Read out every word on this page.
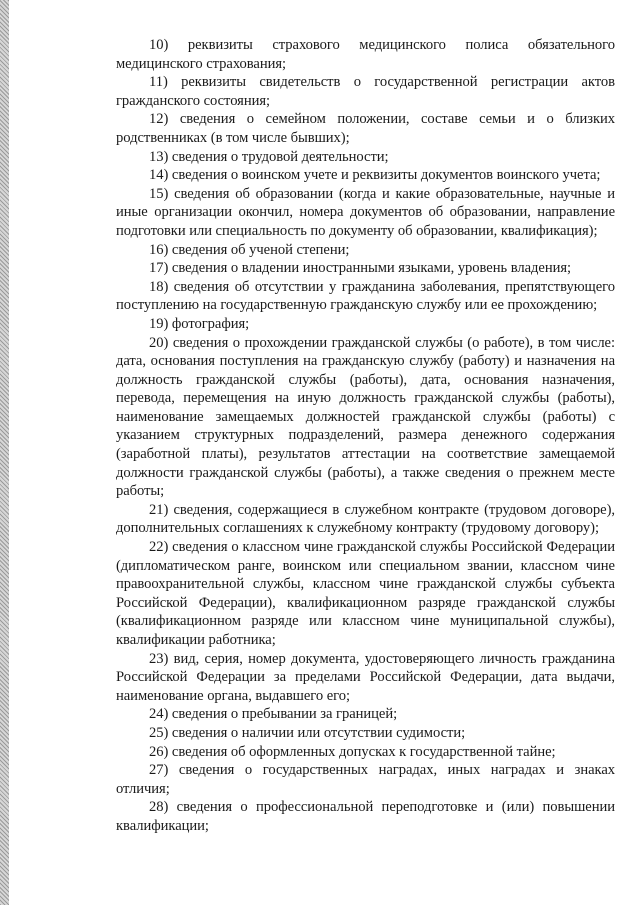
10) реквизиты страхового медицинского полиса обязательного медицинского страхования;

11) реквизиты свидетельств о государственной регистрации актов гражданского состояния;

12) сведения о семейном положении, составе семьи и о близких родственниках (в том числе бывших);

13) сведения о трудовой деятельности;

14) сведения о воинском учете и реквизиты документов воинского учета;

15) сведения об образовании (когда и какие образовательные, научные и иные организации окончил, номера документов об образовании, направление подготовки или специальность по документу об образовании, квалификация);

16) сведения об ученой степени;

17) сведения о владении иностранными языками, уровень владения;

18) сведения об отсутствии у гражданина заболевания, препятствующего поступлению на государственную гражданскую службу или ее прохождению;

19) фотография;

20) сведения о прохождении гражданской службы (о работе), в том числе: дата, основания поступления на гражданскую службу (работу) и назначения на должность гражданской службы (работы), дата, основания назначения, перевода, перемещения на иную должность гражданской службы (работы), наименование замещаемых должностей гражданской службы (работы) с указанием структурных подразделений, размера денежного содержания (заработной платы), результатов аттестации на соответствие замещаемой должности гражданской службы (работы), а также сведения о прежнем месте работы;

21) сведения, содержащиеся в служебном контракте (трудовом договоре), дополнительных соглашениях к служебному контракту (трудовому договору);

22) сведения о классном чине гражданской службы Российской Федерации (дипломатическом ранге, воинском или специальном звании, классном чине правоохранительной службы, классном чине гражданской службы субъекта Российской Федерации), квалификационном разряде гражданской службы (квалификационном разряде или классном чине муниципальной службы), квалификации работника;

23) вид, серия, номер документа, удостоверяющего личность гражданина Российской Федерации за пределами Российской Федерации, дата выдачи, наименование органа, выдавшего его;

24) сведения о пребывании за границей;

25) сведения о наличии или отсутствии судимости;

26) сведения об оформленных допусках к государственной тайне;

27) сведения о государственных наградах, иных наградах и знаках отличия;

28) сведения о профессиональной переподготовке и (или) повышении квалификации;
